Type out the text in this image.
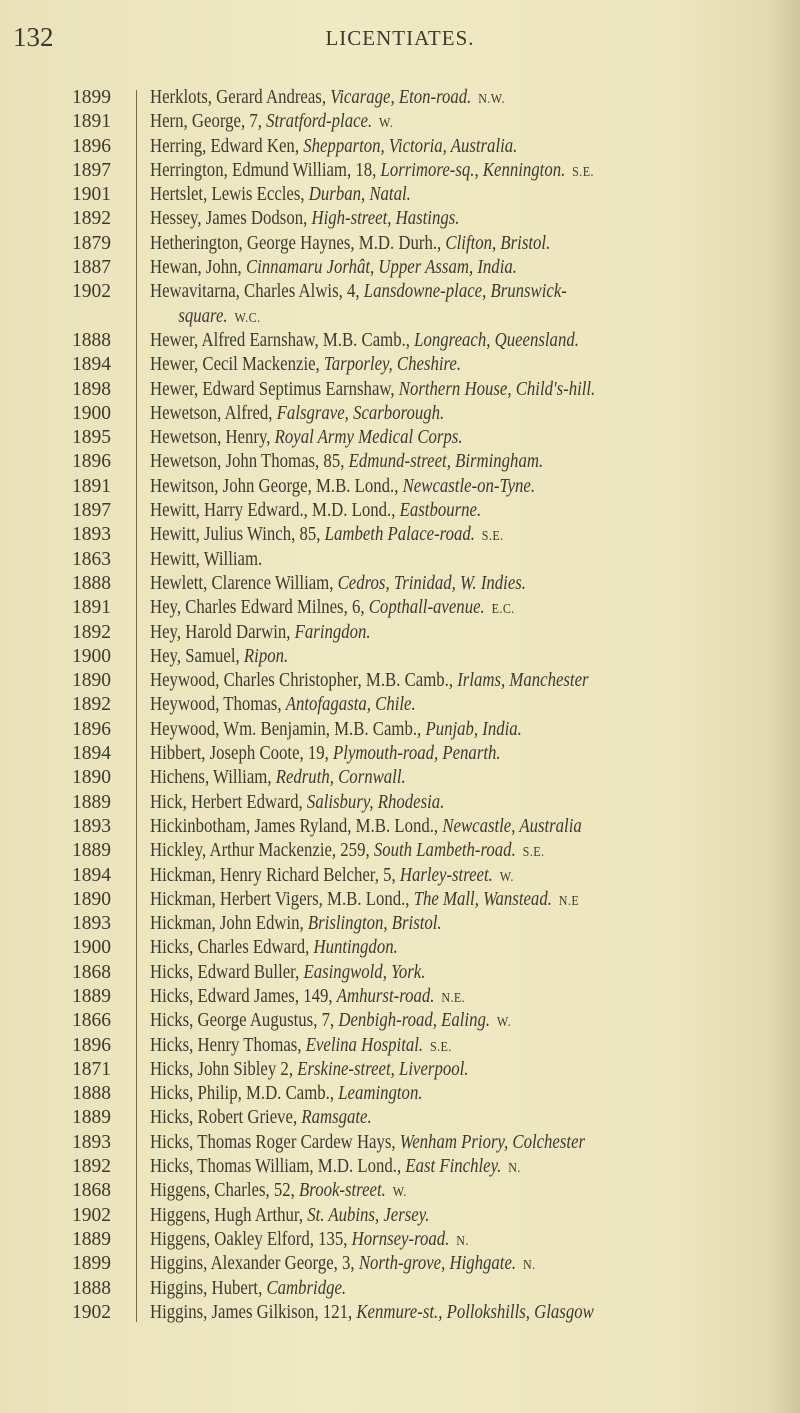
132	LICENTIATES.
1899	Herklots, Gerard Andreas, Vicarage, Eton-road. N.W.
1891	Hern, George, 7, Stratford-place. W.
1896	Herring, Edward Ken, Shepparton, Victoria, Australia.
1897	Herrington, Edmund William, 18, Lorrimore-sq., Kennington. S.E.
1901	Hertslet, Lewis Eccles, Durban, Natal.
1892	Hessey, James Dodson, High-street, Hastings.
1879	Hetherington, George Haynes, M.D. Durh., Clifton, Bristol.
1887	Hewan, John, Cinnamaru Jorhât, Upper Assam, India.
1902	Hewavitarna, Charles Alwis, 4, Lansdowne-place, Brunswick-
square. W.C.
1888	Hewer, Alfred Earnshaw, M.B. Camb., Longreach, Queensland.
1894	Hewer, Cecil Mackenzie, Tarporley, Cheshire.
1898	Hewer, Edward Septimus Earnshaw, Northern House, Child's-hill.
1900	Hewetson, Alfred, Falsgrave, Scarborough.
1895	Hewetson, Henry, Royal Army Medical Corps.
1896	Hewetson, John Thomas, 85, Edmund-street, Birmingham.
1891	Hewitson, John George, M.B. Lond., Newcastle-on-Tyne.
1897	Hewitt, Harry Edward., M.D. Lond., Eastbourne.
1893	Hewitt, Julius Winch, 85, Lambeth Palace-road. S.E.
1863	Hewitt, William.
1888	Hewlett, Clarence William, Cedros, Trinidad, W. Indies.
1891	Hey, Charles Edward Milnes, 6, Copthall-avenue. E.C.
1892	Hey, Harold Darwin, Faringdon.
1900	Hey, Samuel, Ripon.
1890	Heywood, Charles Christopher, M.B. Camb., Irlams, Manchester
1892	Heywood, Thomas, Antofagasta, Chile.
1896	Heywood, Wm. Benjamin, M.B. Camb., Punjab, India.
1894	Hibbert, Joseph Coote, 19, Plymouth-road, Penarth.
1890	Hichens, William, Redruth, Cornwall.
1889	Hick, Herbert Edward, Salisbury, Rhodesia.
1893	Hickinbotham, James Ryland, M.B. Lond., Newcastle, Australia
1889	Hickley, Arthur Mackenzie, 259, South Lambeth-road. S.E.
1894	Hickman, Henry Richard Belcher, 5, Harley-street. W.
1890	Hickman, Herbert Vigers, M.B. Lond., The Mall, Wanstead. N.E
1893	Hickman, John Edwin, Brislington, Bristol.
1900	Hicks, Charles Edward, Huntingdon.
1868	Hicks, Edward Buller, Easingwold, York.
1889	Hicks, Edward James, 149, Amhurst-road. N.E.
1866	Hicks, George Augustus, 7, Denbigh-road, Ealing. W.
1896	Hicks, Henry Thomas, Evelina Hospital. S.E.
1871	Hicks, John Sibley 2, Erskine-street, Liverpool.
1888	Hicks, Philip, M.D. Camb., Leamington.
1889	Hicks, Robert Grieve, Ramsgate.
1893	Hicks, Thomas Roger Cardew Hays, Wenham Priory, Colchester
1892	Hicks, Thomas William, M.D. Lond., East Finchley. N.
1868	Higgens, Charles, 52, Brook-street. W.
1902	Higgens, Hugh Arthur, St. Aubins, Jersey.
1889	Higgens, Oakley Elford, 135, Hornsey-road. N.
1899	Higgins, Alexander George, 3, North-grove, Highgate. N.
1888	Higgins, Hubert, Cambridge.
1902	Higgins, James Gilkison, 121, Kenmure-st., Pollokshills, Glasgow
